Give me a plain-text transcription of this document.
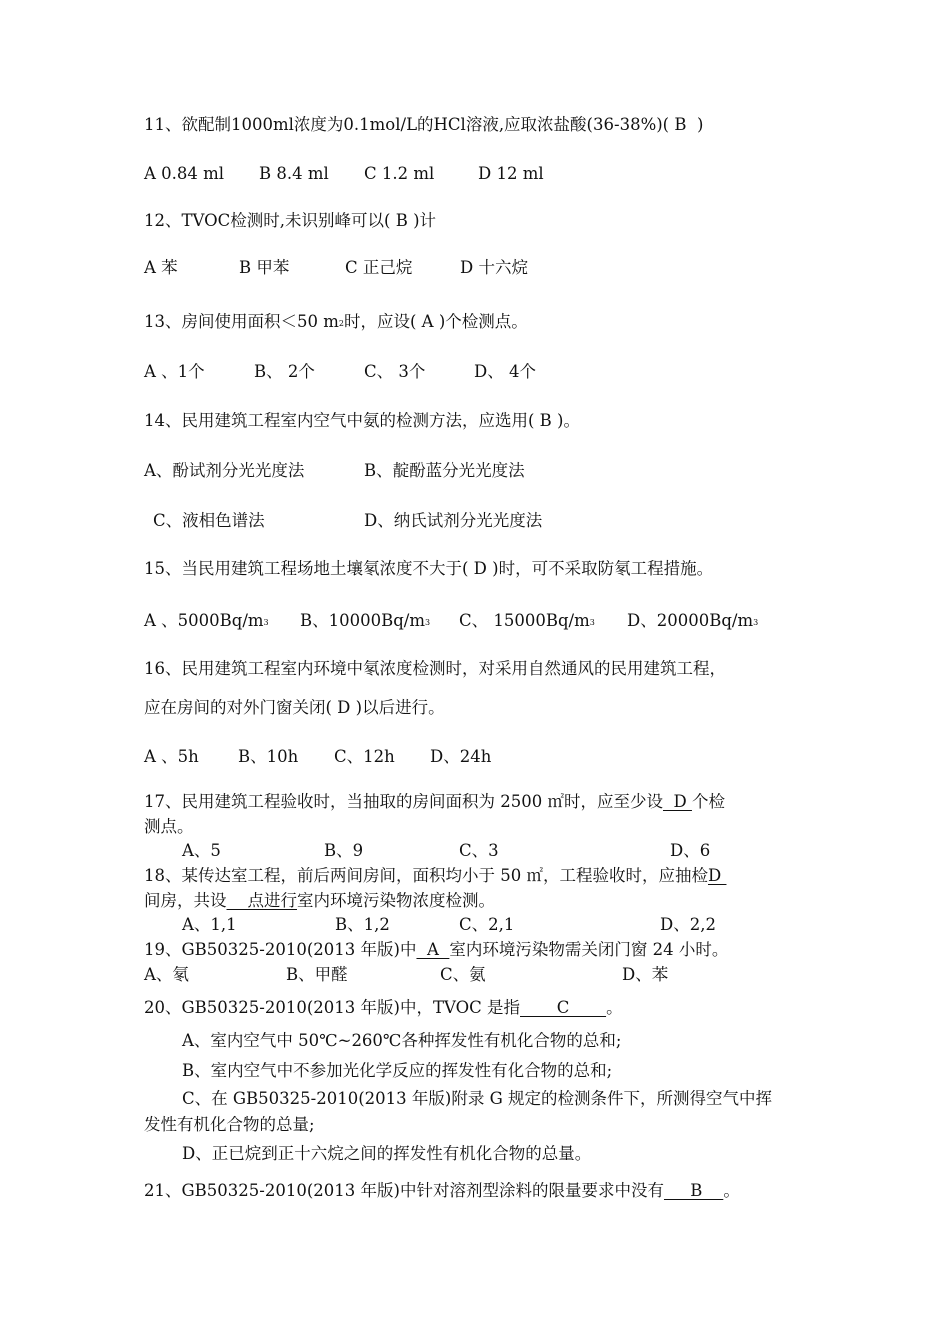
11、欲配制1000ml浓度为0.1mol/L的HCl溶液,应取浓盐酸(36-38%)( B  )
A 0.84 ml B 8.4 ml C 1.2 ml	D 12 ml
12、TVOC检测时,未识别峰可以( B )计
A 苯	B 甲苯	C 正己烷	D 十六烷
13、房间使用面积＜50 $m^2$时，应设( A )个检测点。
A 、1个	B、 2个	C、 3个	D、 4个
14、民用建筑工程室内空气中氨的检测方法，应选用( B )。
A、酚试剂分光光度法	B、靛酚蓝分光光度法
C、液相色谱法	D、纳氏试剂分光光度法
15、当民用建筑工程场地土壤氡浓度不大于( D )时，可不采取防氡工程措施。
A 、$5000Bq/m^3$ B、$10000Bq/m^3$ C、 $15000Bq/m^3$ D、$20000Bq/m^3$
16、民用建筑工程室内环境中氡浓度检测时，对采用自然通风的民用建筑工程，
应在房间的对外门窗关闭( D )以后进行。
A 、5h B、10h C、12h D、24h
17、民用建筑工程验收时，当抽取的房间面积为 2500 ㎡时，应至少设  D 个检
测点。
A、5	B、9	C、3	D、6
18、某传达室工程，前后两间房间，面积均小于 50 ㎡，工程验收时，应抽检D
间房，共设    点进行室内环境污染物浓度检测。
A、1,1	B、1,2	C、2,1	D、2,2
19、GB50325-2010(2013 年版)中  A  室内环境污染物需关闭门窗 24 小时。
A、氡	B、甲醛	C、氨	D、苯
20、GB50325-2010(2013 年版)中，TVOC 是指       C       。
A、室内空气中 50℃~260℃各种挥发性有机化合物的总和;
B、室内空气中不参加光化学反应的挥发性有化合物的总和;
C、在 GB50325-2010(2013 年版)附录 G 规定的检测条件下，所测得空气中挥
发性有机化合物的总量;
D、正已烷到正十六烷之间的挥发性有机化合物的总量。
21、GB50325-2010(2013 年版)中针对溶剂型涂料的限量要求中没有     B    。
